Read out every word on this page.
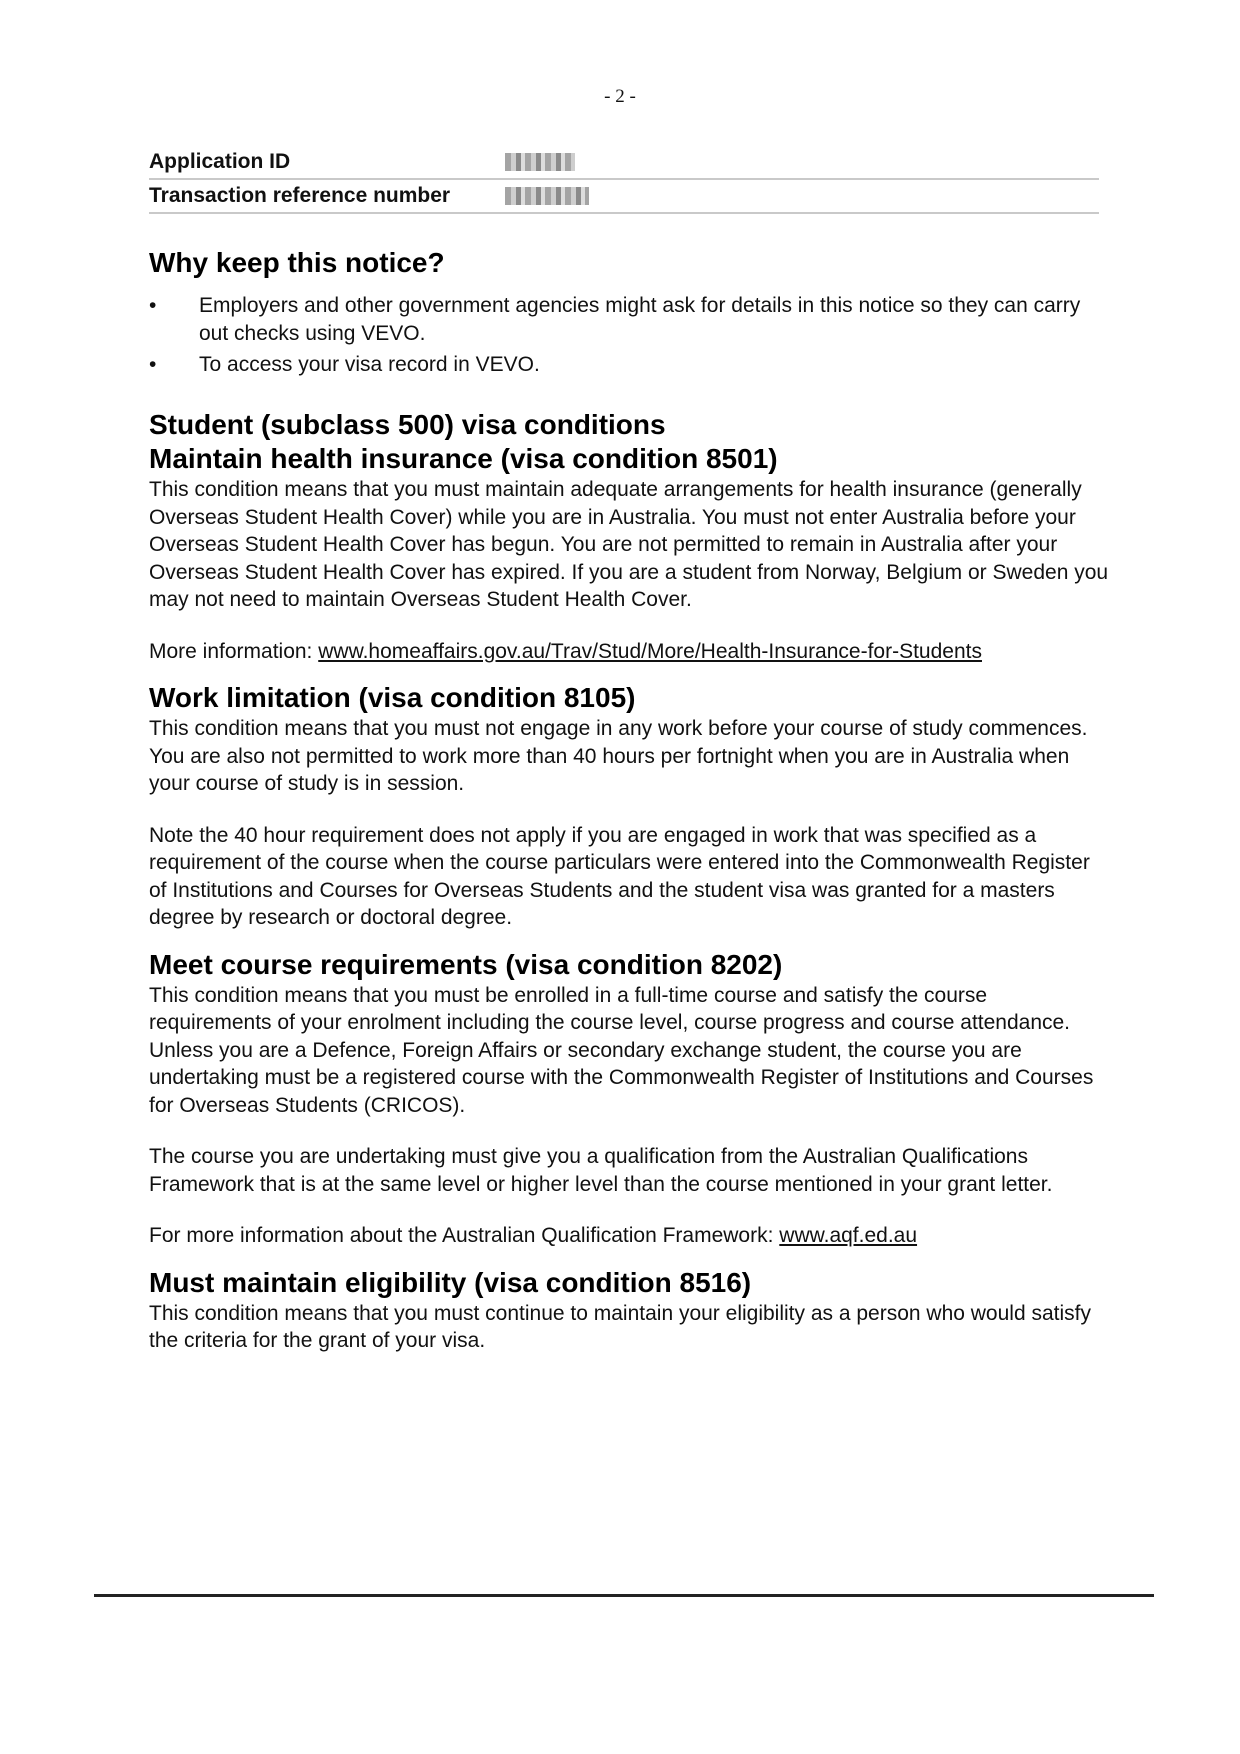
- 2 -
Application ID
Transaction reference number
Why keep this notice?
• Employers and other government agencies might ask for details in this notice so they can carry out checks using VEVO.
• To access your visa record in VEVO.
Student (subclass 500) visa conditions
Maintain health insurance (visa condition 8501)

This condition means that you must maintain adequate arrangements for health insurance (generally Overseas Student Health Cover) while you are in Australia. You must not enter Australia before your Overseas Student Health Cover has begun. You are not permitted to remain in Australia after your Overseas Student Health Cover has expired. If you are a student from Norway, Belgium or Sweden you may not need to maintain Overseas Student Health Cover.

More information: www.homeaffairs.gov.au/Trav/Stud/More/Health-Insurance-for-Students

Work limitation (visa condition 8105)

This condition means that you must not engage in any work before your course of study commences. You are also not permitted to work more than 40 hours per fortnight when you are in Australia when your course of study is in session.

Note the 40 hour requirement does not apply if you are engaged in work that was specified as a requirement of the course when the course particulars were entered into the Commonwealth Register of Institutions and Courses for Overseas Students and the student visa was granted for a masters degree by research or doctoral degree.

Meet course requirements (visa condition 8202)

This condition means that you must be enrolled in a full-time course and satisfy the course requirements of your enrolment including the course level, course progress and course attendance. Unless you are a Defence, Foreign Affairs or secondary exchange student, the course you are undertaking must be a registered course with the Commonwealth Register of Institutions and Courses for Overseas Students (CRICOS).

The course you are undertaking must give you a qualification from the Australian Qualifications Framework that is at the same level or higher level than the course mentioned in your grant letter.

For more information about the Australian Qualification Framework: www.aqf.ed.au

Must maintain eligibility (visa condition 8516)

This condition means that you must continue to maintain your eligibility as a person who would satisfy the criteria for the grant of your visa.
